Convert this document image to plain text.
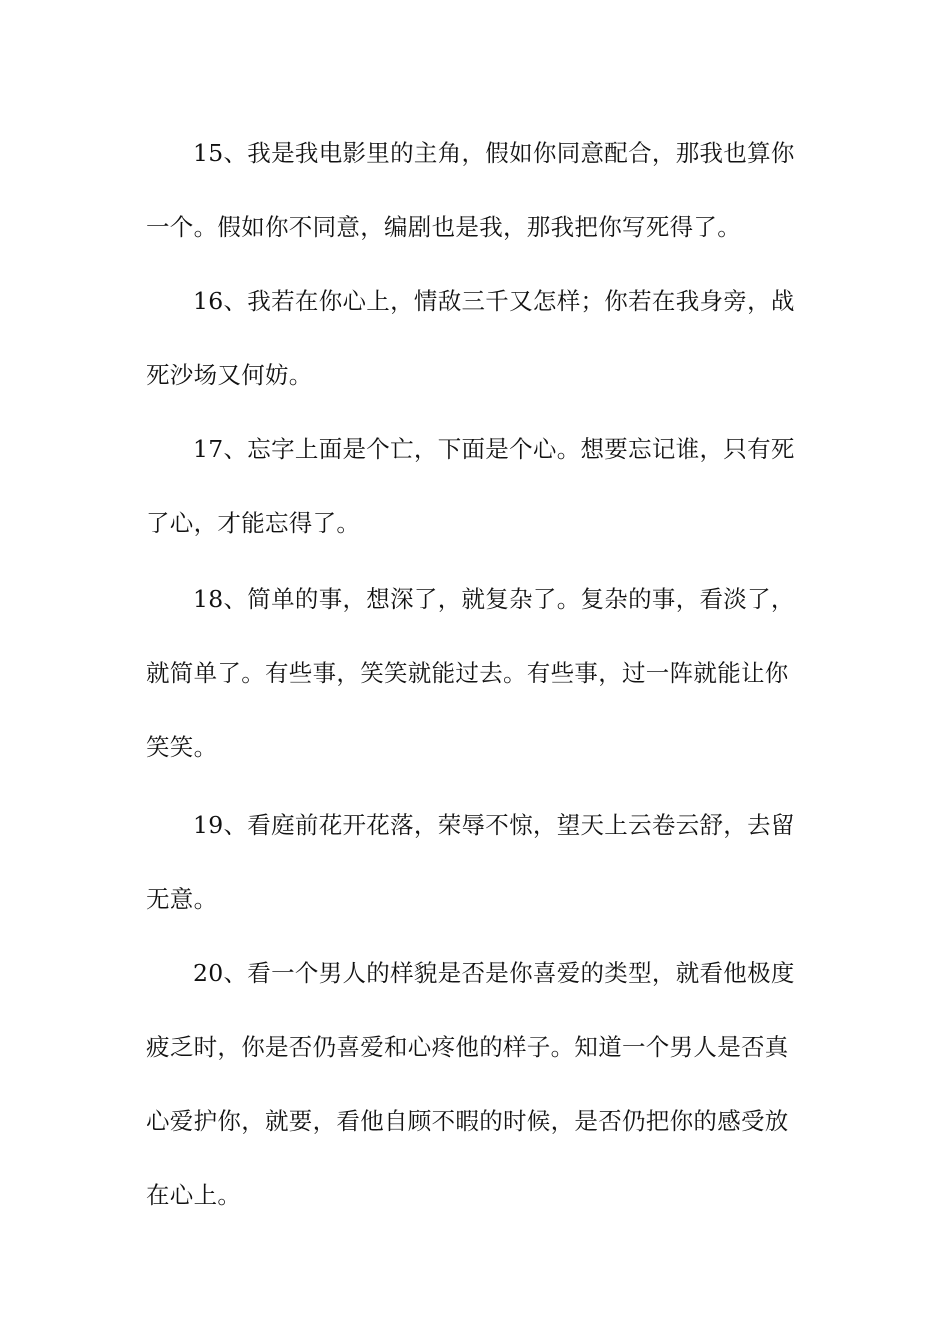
15、我是我电影里的主角，假如你同意配合，那我也算你
一个。假如你不同意，编剧也是我，那我把你写死得了。
16、我若在你心上，情敌三千又怎样；你若在我身旁，战
死沙场又何妨。
17、忘字上面是个亡，下面是个心。想要忘记谁，只有死
了心，才能忘得了。
18、简单的事，想深了，就复杂了。复杂的事，看淡了，
就简单了。有些事，笑笑就能过去。有些事，过一阵就能让你
笑笑。
19、看庭前花开花落，荣辱不惊，望天上云卷云舒，去留
无意。
20、看一个男人的样貌是否是你喜爱的类型，就看他极度
疲乏时，你是否仍喜爱和心疼他的样子。知道一个男人是否真
心爱护你，就要，看他自顾不暇的时候，是否仍把你的感受放
在心上。
